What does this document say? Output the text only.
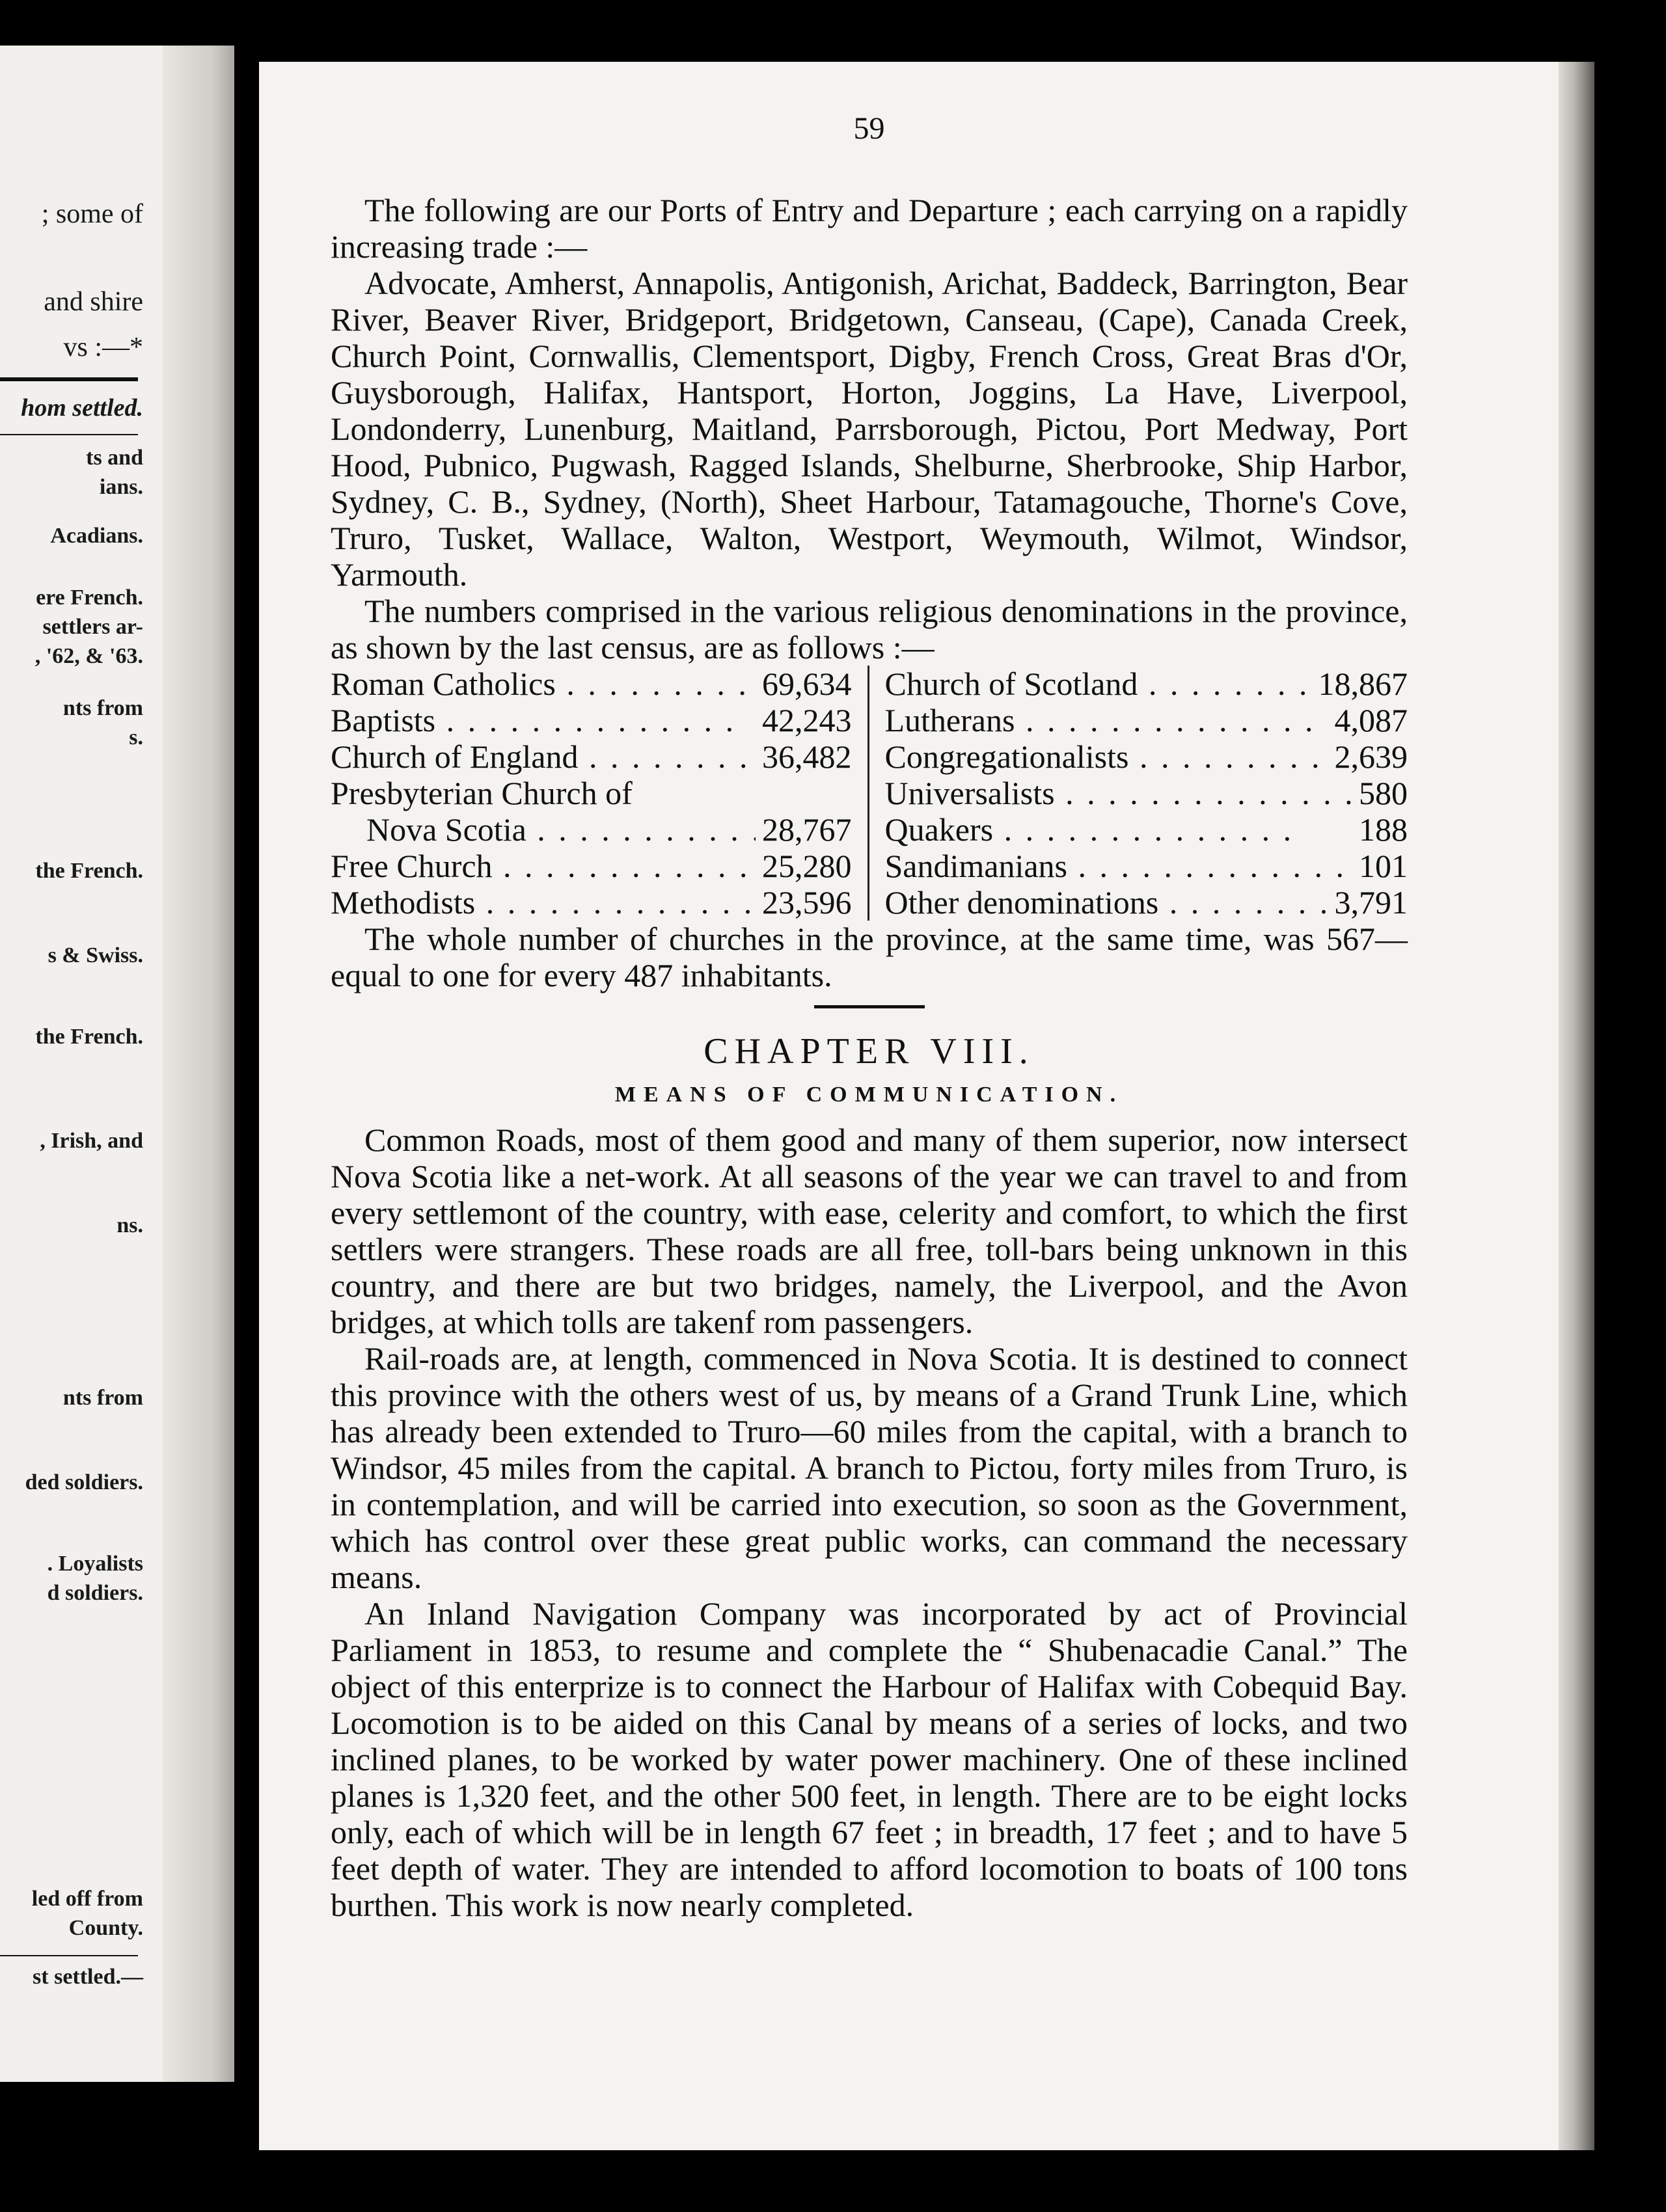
; some of
and shire
vs :—*
hom settled.
ts and
ians.
Acadians.
ere French.
settlers ar-
, '62, & '63.
nts from
s.
the French.
s & Swiss.
the French.
, Irish, and
ns.
nts from
ded soldiers.
. Loyalists
d soldiers.
led off from
County.
st settled.—
59

The following are our Ports of Entry and Departure ; each carrying on a rapidly increasing trade :—

Advocate, Amherst, Annapolis, Antigonish, Arichat, Baddeck, Barrington, Bear River, Beaver River, Bridgeport, Bridgetown, Canseau, (Cape), Canada Creek, Church Point, Cornwallis, Clementsport, Digby, French Cross, Great Bras d'Or, Guysborough, Halifax, Hantsport, Horton, Joggins, La Have, Liverpool, Londonderry, Lunenburg, Maitland, Parrsborough, Pictou, Port Medway, Port Hood, Pubnico, Pugwash, Ragged Islands, Shelburne, Sherbrooke, Ship Harbor, Sydney, C. B., Sydney, (North), Sheet Harbour, Tatamagouche, Thorne's Cove, Truro, Tusket, Wallace, Walton, Westport, Weymouth, Wilmot, Windsor, Yarmouth.

The numbers comprised in the various religious denominations in the province, as shown by the last census, are as follows :—

Roman Catholics . .	69,634
Baptists . .	42,243
Church of England . .	36,482
Presbyterian Church of
Nova Scotia . .	28,767
Free Church . .	25,280
Methodists . .	23,596
Church of Scotland . .	18,867
Lutherans . .	4,087
Congregationalists . .	2,639
Universalists . .	580
Quakers . .	188
Sandimanians . .	101
Other denominations . .	3,791

The whole number of churches in the province, at the same time, was 567—equal to one for every 487 inhabitants.

CHAPTER VIII.
MEANS OF COMMUNICATION.

Common Roads, most of them good and many of them superior, now intersect Nova Scotia like a net-work. At all seasons of the year we can travel to and from every settlemont of the country, with ease, celerity and comfort, to which the first settlers were strangers. These roads are all free, toll-bars being unknown in this country, and there are but two bridges, namely, the Liverpool, and the Avon bridges, at which tolls are takenf rom passengers.

Rail-roads are, at length, commenced in Nova Scotia. It is destined to connect this province with the others west of us, by means of a Grand Trunk Line, which has already been extended to Truro—60 miles from the capital, with a branch to Windsor, 45 miles from the capital. A branch to Pictou, forty miles from Truro, is in contemplation, and will be carried into execution, so soon as the Government, which has control over these great public works, can command the necessary means.

An Inland Navigation Company was incorporated by act of Provincial Parliament in 1853, to resume and complete the “ Shubenacadie Canal.” The object of this enterprize is to connect the Harbour of Halifax with Cobequid Bay. Locomotion is to be aided on this Canal by means of a series of locks, and two inclined planes, to be worked by water power machinery. One of these inclined planes is 1,320 feet, and the other 500 feet, in length. There are to be eight locks only, each of which will be in length 67 feet ; in breadth, 17 feet ; and to have 5 feet depth of water. They are intended to afford locomotion to boats of 100 tons burthen. This work is now nearly completed.
